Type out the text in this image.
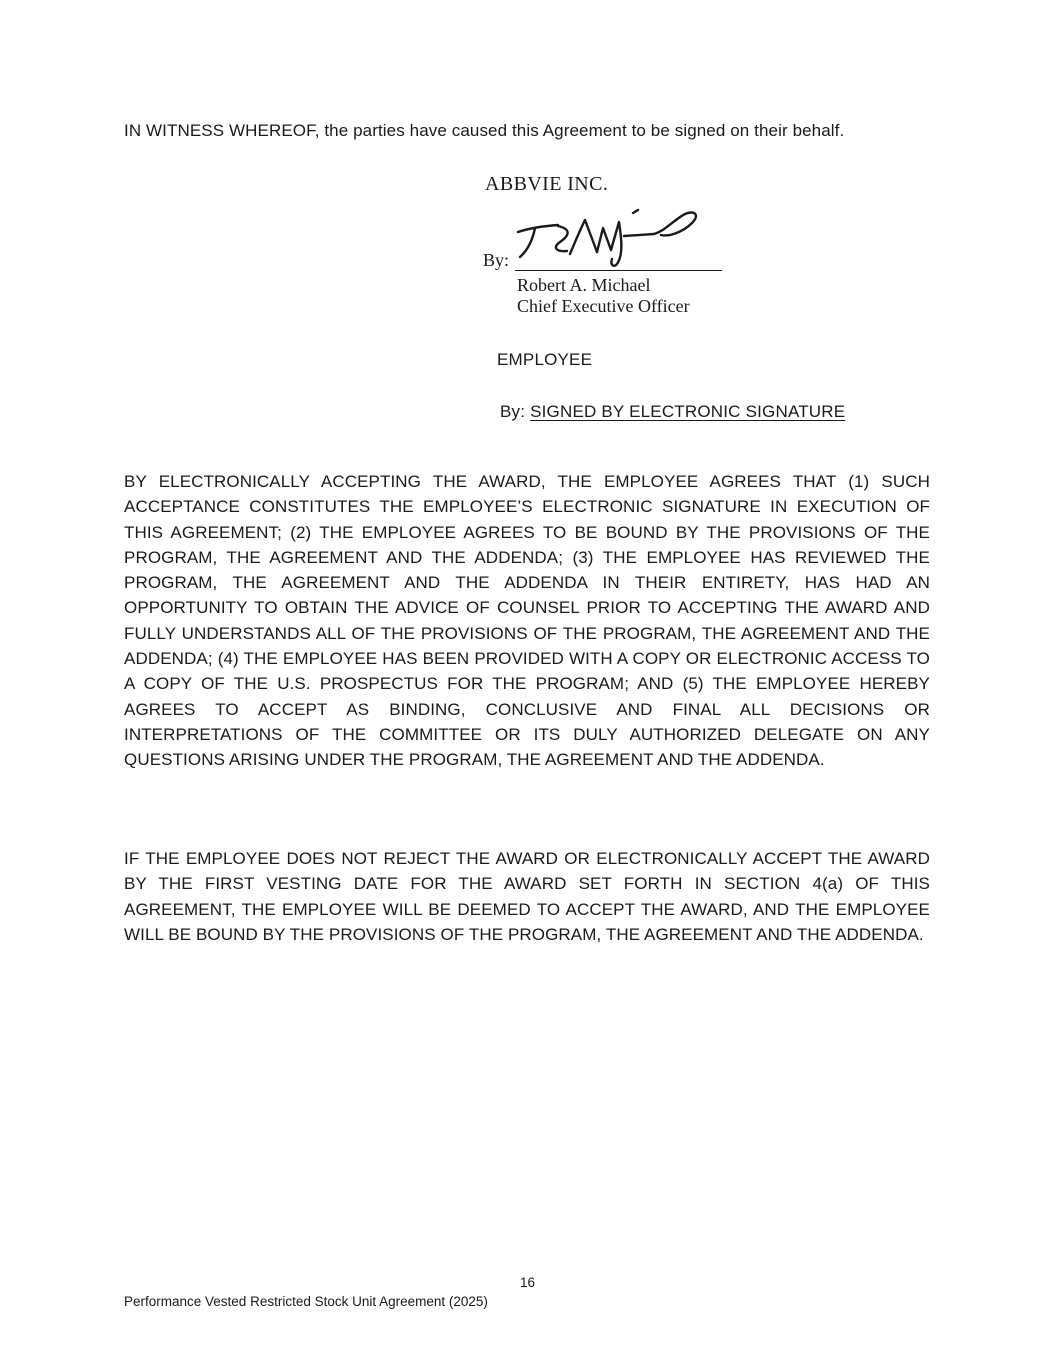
IN WITNESS WHEREOF, the parties have caused this Agreement to be signed on their behalf.
ABBVIE INC.
By:
Robert A. Michael
Chief Executive Officer
EMPLOYEE
By: SIGNED BY ELECTRONIC SIGNATURE
BY ELECTRONICALLY ACCEPTING THE AWARD, THE EMPLOYEE AGREES THAT (1) SUCH ACCEPTANCE CONSTITUTES THE EMPLOYEE’S ELECTRONIC SIGNATURE IN EXECUTION OF THIS AGREEMENT; (2) THE EMPLOYEE AGREES TO BE BOUND BY THE PROVISIONS OF THE PROGRAM, THE AGREEMENT AND THE ADDENDA; (3) THE EMPLOYEE HAS REVIEWED THE PROGRAM, THE AGREEMENT AND THE ADDENDA IN THEIR ENTIRETY, HAS HAD AN OPPORTUNITY TO OBTAIN THE ADVICE OF COUNSEL PRIOR TO ACCEPTING THE AWARD AND FULLY UNDERSTANDS ALL OF THE PROVISIONS OF THE PROGRAM, THE AGREEMENT AND THE ADDENDA; (4) THE EMPLOYEE HAS BEEN PROVIDED WITH A COPY OR ELECTRONIC ACCESS TO A COPY OF THE U.S. PROSPECTUS FOR THE PROGRAM; AND (5) THE EMPLOYEE HEREBY AGREES TO ACCEPT AS BINDING, CONCLUSIVE AND FINAL ALL DECISIONS OR INTERPRETATIONS OF THE COMMITTEE OR ITS DULY AUTHORIZED DELEGATE ON ANY QUESTIONS ARISING UNDER THE PROGRAM, THE AGREEMENT AND THE ADDENDA.
IF THE EMPLOYEE DOES NOT REJECT THE AWARD OR ELECTRONICALLY ACCEPT THE AWARD BY THE FIRST VESTING DATE FOR THE AWARD SET FORTH IN SECTION 4(a) OF THIS AGREEMENT, THE EMPLOYEE WILL BE DEEMED TO ACCEPT THE AWARD, AND THE EMPLOYEE WILL BE BOUND BY THE PROVISIONS OF THE PROGRAM, THE AGREEMENT AND THE ADDENDA.
16
Performance Vested Restricted Stock Unit Agreement (2025)
